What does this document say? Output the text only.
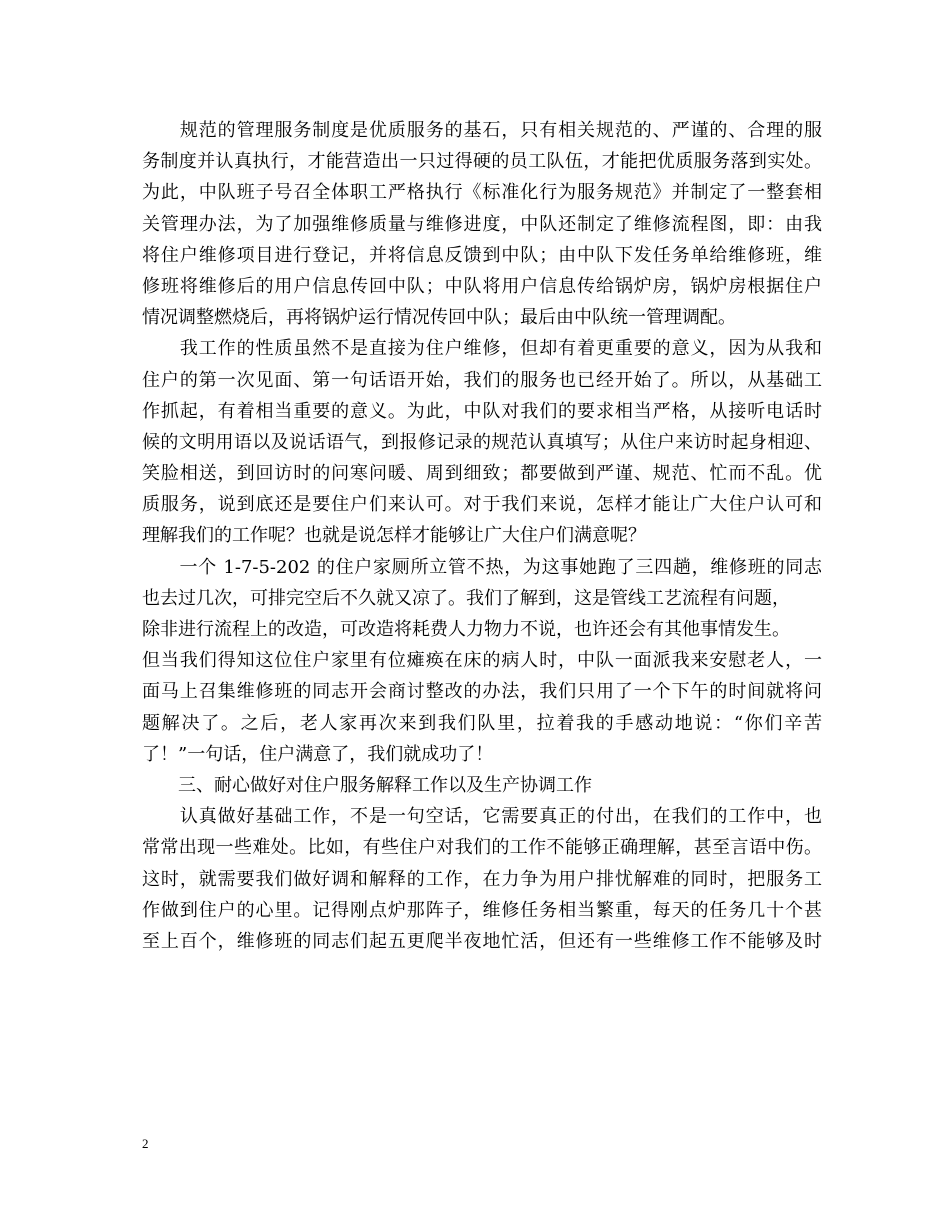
　　规范的管理服务制度是优质服务的基石，只有相关规范的、严谨的、合理的服
务制度并认真执行，才能营造出一只过得硬的员工队伍，才能把优质服务落到实处。
为此，中队班子号召全体职工严格执行《标准化行为服务规范》并制定了一整套相
关管理办法，为了加强维修质量与维修进度，中队还制定了维修流程图，即：由我
将住户维修项目进行登记，并将信息反馈到中队；由中队下发任务单给维修班，维
修班将维修后的用户信息传回中队；中队将用户信息传给锅炉房，锅炉房根据住户
情况调整燃烧后，再将锅炉运行情况传回中队；最后由中队统一管理调配。
　　我工作的性质虽然不是直接为住户维修，但却有着更重要的意义，因为从我和
住户的第一次见面、第一句话语开始，我们的服务也已经开始了。所以，从基础工
作抓起，有着相当重要的意义。为此，中队对我们的要求相当严格，从接听电话时
候的文明用语以及说话语气，到报修记录的规范认真填写；从住户来访时起身相迎、
笑脸相送，到回访时的问寒问暖、周到细致；都要做到严谨、规范、忙而不乱。优
质服务，说到底还是要住户们来认可。对于我们来说，怎样才能让广大住户认可和
理解我们的工作呢？也就是说怎样才能够让广大住户们满意呢？
　　一个 1-7-5-202 的住户家厕所立管不热，为这事她跑了三四趟，维修班的同志
也去过几次，可排完空后不久就又凉了。我们了解到，这是管线工艺流程有问题，
除非进行流程上的改造，可改造将耗费人力物力不说，也许还会有其他事情发生。
但当我们得知这位住户家里有位瘫痪在床的病人时，中队一面派我来安慰老人，一
面马上召集维修班的同志开会商讨整改的办法，我们只用了一个下午的时间就将问
题解决了。之后，老人家再次来到我们队里，拉着我的手感动地说：“你们辛苦
了！”一句话，住户满意了，我们就成功了！
　　三、耐心做好对住户服务解释工作以及生产协调工作
　　认真做好基础工作，不是一句空话，它需要真正的付出，在我们的工作中，也
常常出现一些难处。比如，有些住户对我们的工作不能够正确理解，甚至言语中伤。
这时，就需要我们做好调和解释的工作，在力争为用户排忧解难的同时，把服务工
作做到住户的心里。记得刚点炉那阵子，维修任务相当繁重，每天的任务几十个甚
至上百个，维修班的同志们起五更爬半夜地忙活，但还有一些维修工作不能够及时
2
